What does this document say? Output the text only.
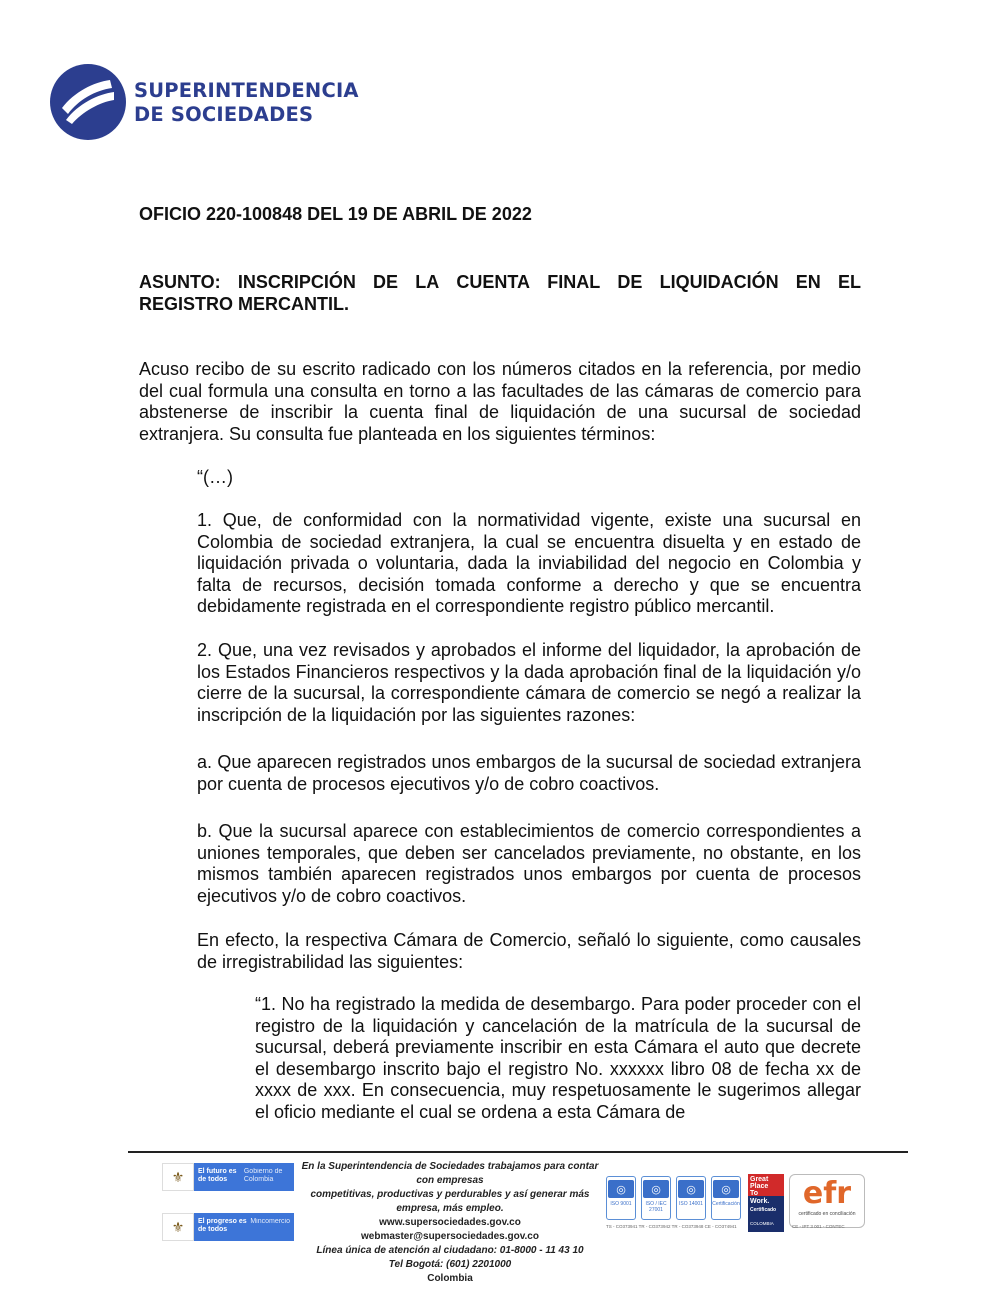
SUPERINTENDENCIA
DE SOCIEDADES
OFICIO 220-100848 DEL 19 DE ABRIL DE 2022
ASUNTO: INSCRIPCIÓN DE LA CUENTA FINAL DE LIQUIDACIÓN EN EL
REGISTRO MERCANTIL.
Acuso recibo de su escrito radicado con los números citados en la referencia, por medio del cual formula una consulta en torno a las facultades de las cámaras de comercio para abstenerse de inscribir la cuenta final de liquidación de una sucursal de sociedad extranjera. Su consulta fue planteada en los siguientes términos:
“(…)
1. Que, de conformidad con la normatividad vigente, existe una sucursal en Colombia de sociedad extranjera, la cual se encuentra disuelta y en estado de liquidación privada o voluntaria, dada la inviabilidad del negocio en Colombia y falta de recursos, decisión tomada conforme a derecho y que se encuentra debidamente registrada en el correspondiente registro público mercantil.
2. Que, una vez revisados y aprobados el informe del liquidador, la aprobación de los Estados Financieros respectivos y la dada aprobación final de la liquidación y/o cierre de la sucursal, la correspondiente cámara de comercio se negó a realizar la inscripción de la liquidación por las siguientes razones:
a. Que aparecen registrados unos embargos de la sucursal de sociedad extranjera por cuenta de procesos ejecutivos y/o de cobro coactivos.
b. Que la sucursal aparece con establecimientos de comercio correspondientes a uniones temporales, que deben ser cancelados previamente, no obstante, en los mismos también aparecen registrados unos embargos por cuenta de procesos ejecutivos y/o de cobro coactivos.
En efecto, la respectiva Cámara de Comercio, señaló lo siguiente, como causales de irregistrabilidad las siguientes:
“1. No ha registrado la medida de desembargo. Para poder proceder con el registro de la liquidación y cancelación de la matrícula de la sucursal de sucursal, deberá previamente inscribir en esta Cámara el auto que decrete el desembargo inscrito bajo el registro No. xxxxxx libro 08 de fecha xx de xxxx de xxx. En consecuencia, muy respetuosamente le sugerimos allegar el oficio mediante el cual se ordena a esta Cámara de
⚜	El futuro es de todos
Gobierno de Colombia
⚜	El progreso es de todos
Mincomercio
En la Superintendencia de Sociedades trabajamos para contar con empresas
competitivas, productivas y perdurables y así generar más empresa, más empleo.
www.supersociedades.gov.co
webmaster@supersociedades.gov.co
Línea única de atención al ciudadano: 01-8000 - 11 43 10
Tel Bogotá: (601) 2201000
Colombia
◎
ISO 9001
◎
ISO / IEC 27001
◎
ISO 14001
◎
Certificación
TS - CO373941 TR - CO373942 TR - CO373948 CE - CO374941
Great
Place
To
Work.
Certificado
COLOMBIA
efr
certificado en conciliación
CE - IPT 3 001 - CONTEC
